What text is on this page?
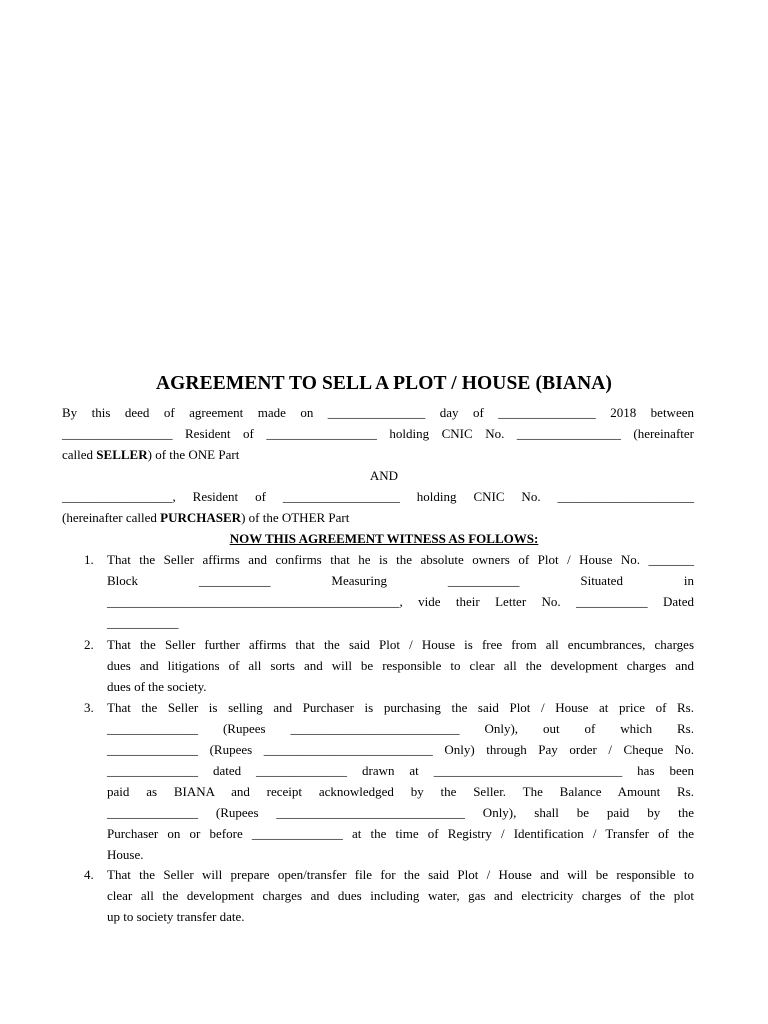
AGREEMENT TO SELL A PLOT / HOUSE (BIANA)
By this deed of agreement made on _______________ day of _______________ 2018 between
_________________ Resident of _________________ holding CNIC No. ________________ (hereinafter
called SELLER) of the ONE Part
AND
_________________, Resident of __________________ holding CNIC No. _____________________
(hereinafter called PURCHASER) of the OTHER Part
NOW THIS AGREEMENT WITNESS AS FOLLOWS:
1. That the Seller affirms and confirms that he is the absolute owners of Plot / House No. _______
Block ___________ Measuring ___________ Situated in
_____________________________________________, vide their Letter No. ___________ Dated
___________
2. That the Seller further affirms that the said Plot / House is free from all encumbrances, charges
dues and litigations of all sorts and will be responsible to clear all the development charges and
dues of the society.
3. That the Seller is selling and Purchaser is purchasing the said Plot / House at price of Rs.
______________ (Rupees __________________________ Only), out of which Rs.
______________ (Rupees __________________________ Only) through Pay order / Cheque No.
______________ dated ______________ drawn at _____________________________ has been
paid as BIANA and receipt acknowledged by the Seller. The Balance Amount Rs.
______________ (Rupees _____________________________ Only), shall be paid by the
Purchaser on or before ______________ at the time of Registry / Identification / Transfer of the
House.
4. That the Seller will prepare open/transfer file for the said Plot / House and will be responsible to
clear all the development charges and dues including water, gas and electricity charges of the plot
up to society transfer date.
